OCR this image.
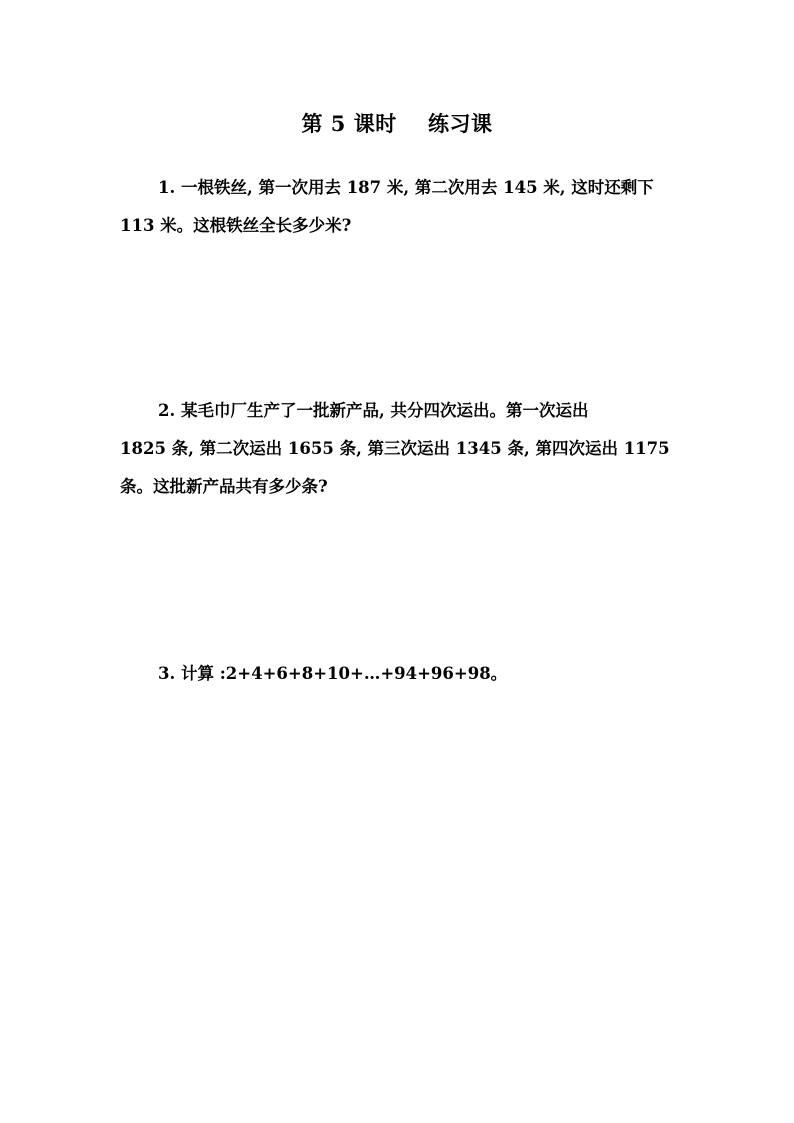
第 5 课时    练习课
1. 一根铁丝, 第一次用去 187 米, 第二次用去 145 米, 这时还剩下
113 米。这根铁丝全长多少米?
2. 某毛巾厂生产了一批新产品, 共分四次运出。第一次运出
1825 条, 第二次运出 1655 条, 第三次运出 1345 条, 第四次运出 1175
条。这批新产品共有多少条?
3. 计算 :2+4+6+8+10+…+94+96+98。
